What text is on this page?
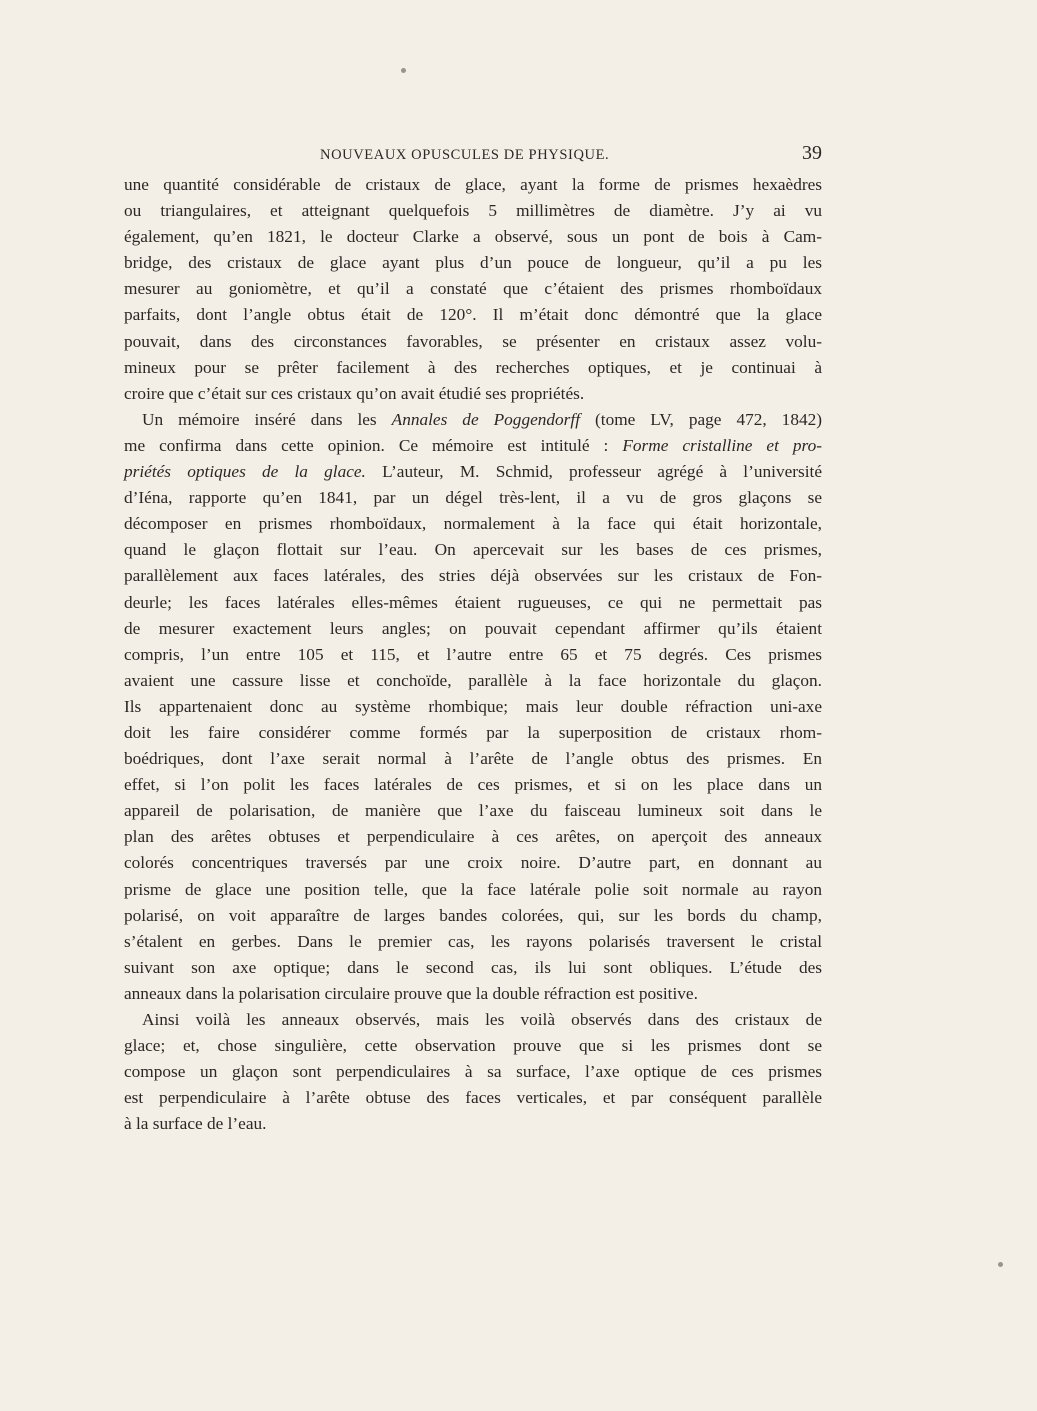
NOUVEAUX OPUSCULES DE PHYSIQUE.	39
une quantité considérable de cristaux de glace, ayant la forme de prismes hexaèdres
ou triangulaires, et atteignant quelquefois 5 millimètres de diamètre. J’y ai vu
également, qu’en 1821, le docteur Clarke a observé, sous un pont de bois à Cam-
bridge, des cristaux de glace ayant plus d’un pouce de longueur, qu’il a pu les
mesurer au goniomètre, et qu’il a constaté que c’étaient des prismes rhomboïdaux
parfaits, dont l’angle obtus était de 120°. Il m’était donc démontré que la glace
pouvait, dans des circonstances favorables, se présenter en cristaux assez volu-
mineux pour se prêter facilement à des recherches optiques, et je continuai à
croire que c’était sur ces cristaux qu’on avait étudié ses propriétés.
Un mémoire inséré dans les Annales de Poggendorff (tome LV, page 472, 1842)
me confirma dans cette opinion. Ce mémoire est intitulé : Forme cristalline et pro-
priétés optiques de la glace. L’auteur, M. Schmid, professeur agrégé à l’université
d’Iéna, rapporte qu’en 1841, par un dégel très-lent, il a vu de gros glaçons se
décomposer en prismes rhomboïdaux, normalement à la face qui était horizontale,
quand le glaçon flottait sur l’eau. On apercevait sur les bases de ces prismes,
parallèlement aux faces latérales, des stries déjà observées sur les cristaux de Fon-
deurle; les faces latérales elles-mêmes étaient rugueuses, ce qui ne permettait pas
de mesurer exactement leurs angles; on pouvait cependant affirmer qu’ils étaient
compris, l’un entre 105 et 115, et l’autre entre 65 et 75 degrés. Ces prismes
avaient une cassure lisse et conchoïde, parallèle à la face horizontale du glaçon.
Ils appartenaient donc au système rhombique; mais leur double réfraction uni-axe
doit les faire considérer comme formés par la superposition de cristaux rhom-
boédriques, dont l’axe serait normal à l’arête de l’angle obtus des prismes. En
effet, si l’on polit les faces latérales de ces prismes, et si on les place dans un
appareil de polarisation, de manière que l’axe du faisceau lumineux soit dans le
plan des arêtes obtuses et perpendiculaire à ces arêtes, on aperçoit des anneaux
colorés concentriques traversés par une croix noire. D’autre part, en donnant au
prisme de glace une position telle, que la face latérale polie soit normale au rayon
polarisé, on voit apparaître de larges bandes colorées, qui, sur les bords du champ,
s’étalent en gerbes. Dans le premier cas, les rayons polarisés traversent le cristal
suivant son axe optique; dans le second cas, ils lui sont obliques. L’étude des
anneaux dans la polarisation circulaire prouve que la double réfraction est positive.
Ainsi voilà les anneaux observés, mais les voilà observés dans des cristaux de
glace; et, chose singulière, cette observation prouve que si les prismes dont se
compose un glaçon sont perpendiculaires à sa surface, l’axe optique de ces prismes
est perpendiculaire à l’arête obtuse des faces verticales, et par conséquent parallèle
à la surface de l’eau.
